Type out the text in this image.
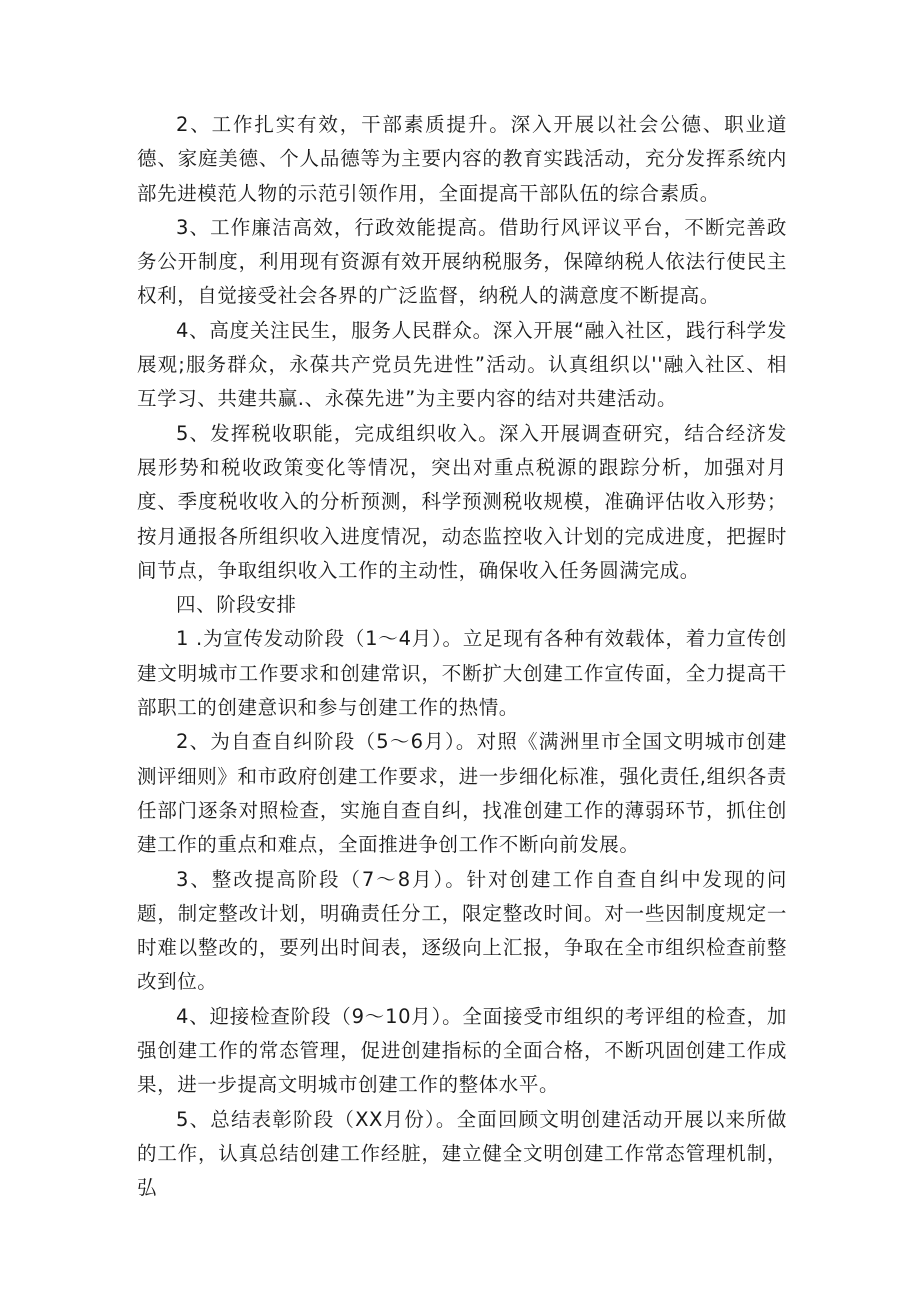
2、工作扎实有效，干部素质提升。深入开展以社会公德、职业道德、家庭美德、个人品德等为主要内容的教育实践活动，充分发挥系统内部先进模范人物的示范引领作用，全面提高干部队伍的综合素质。

3、工作廉洁高效，行政效能提高。借助行风评议平台，不断完善政务公开制度，利用现有资源有效开展纳税服务，保障纳税人依法行使民主权利，自觉接受社会各界的广泛监督，纳税人的满意度不断提高。

4、高度关注民生，服务人民群众。深入开展“融入社区，践行科学发展观;服务群众，永葆共产党员先进性”活动。认真组织以''融入社区、相互学习、共建共赢.、永葆先进”为主要内容的结对共建活动。

5、发挥税收职能，完成组织收入。深入开展调查研究，结合经济发展形势和税收政策变化等情况，突出对重点税源的跟踪分析，加强对月度、季度税收收入的分析预测，科学预测税收规模，准确评估收入形势；按月通报各所组织收入进度情况，动态监控收入计划的完成进度，把握时间节点，争取组织收入工作的主动性，确保收入任务圆满完成。

四、阶段安排

1 .为宣传发动阶段（1～4月）。立足现有各种有效载体，着力宣传创建文明城市工作要求和创建常识，不断扩大创建工作宣传面，全力提高干部职工的创建意识和参与创建工作的热情。

2、为自查自纠阶段（5～6月）。对照《满洲里市全国文明城市创建测评细则》和市政府创建工作要求，进一步细化标准，强化责任,组织各责任部门逐条对照检查，实施自查自纠，找准创建工作的薄弱环节，抓住创建工作的重点和难点，全面推进争创工作不断向前发展。

3、整改提高阶段（7～8月）。针对创建工作自查自纠中发现的问题，制定整改计划，明确责任分工，限定整改时间。对一些因制度规定一时难以整改的，要列出时间表，逐级向上汇报，争取在全市组织检查前整改到位。

4、迎接检查阶段（9～10月）。全面接受市组织的考评组的检查，加强创建工作的常态管理，促进创建指标的全面合格，不断巩固创建工作成果，进一步提高文明城市创建工作的整体水平。

5、总结表彰阶段（XX月份）。全面回顾文明创建活动开展以来所做的工作，认真总结创建工作经脏，建立健全文明创建工作常态管理机制，弘
